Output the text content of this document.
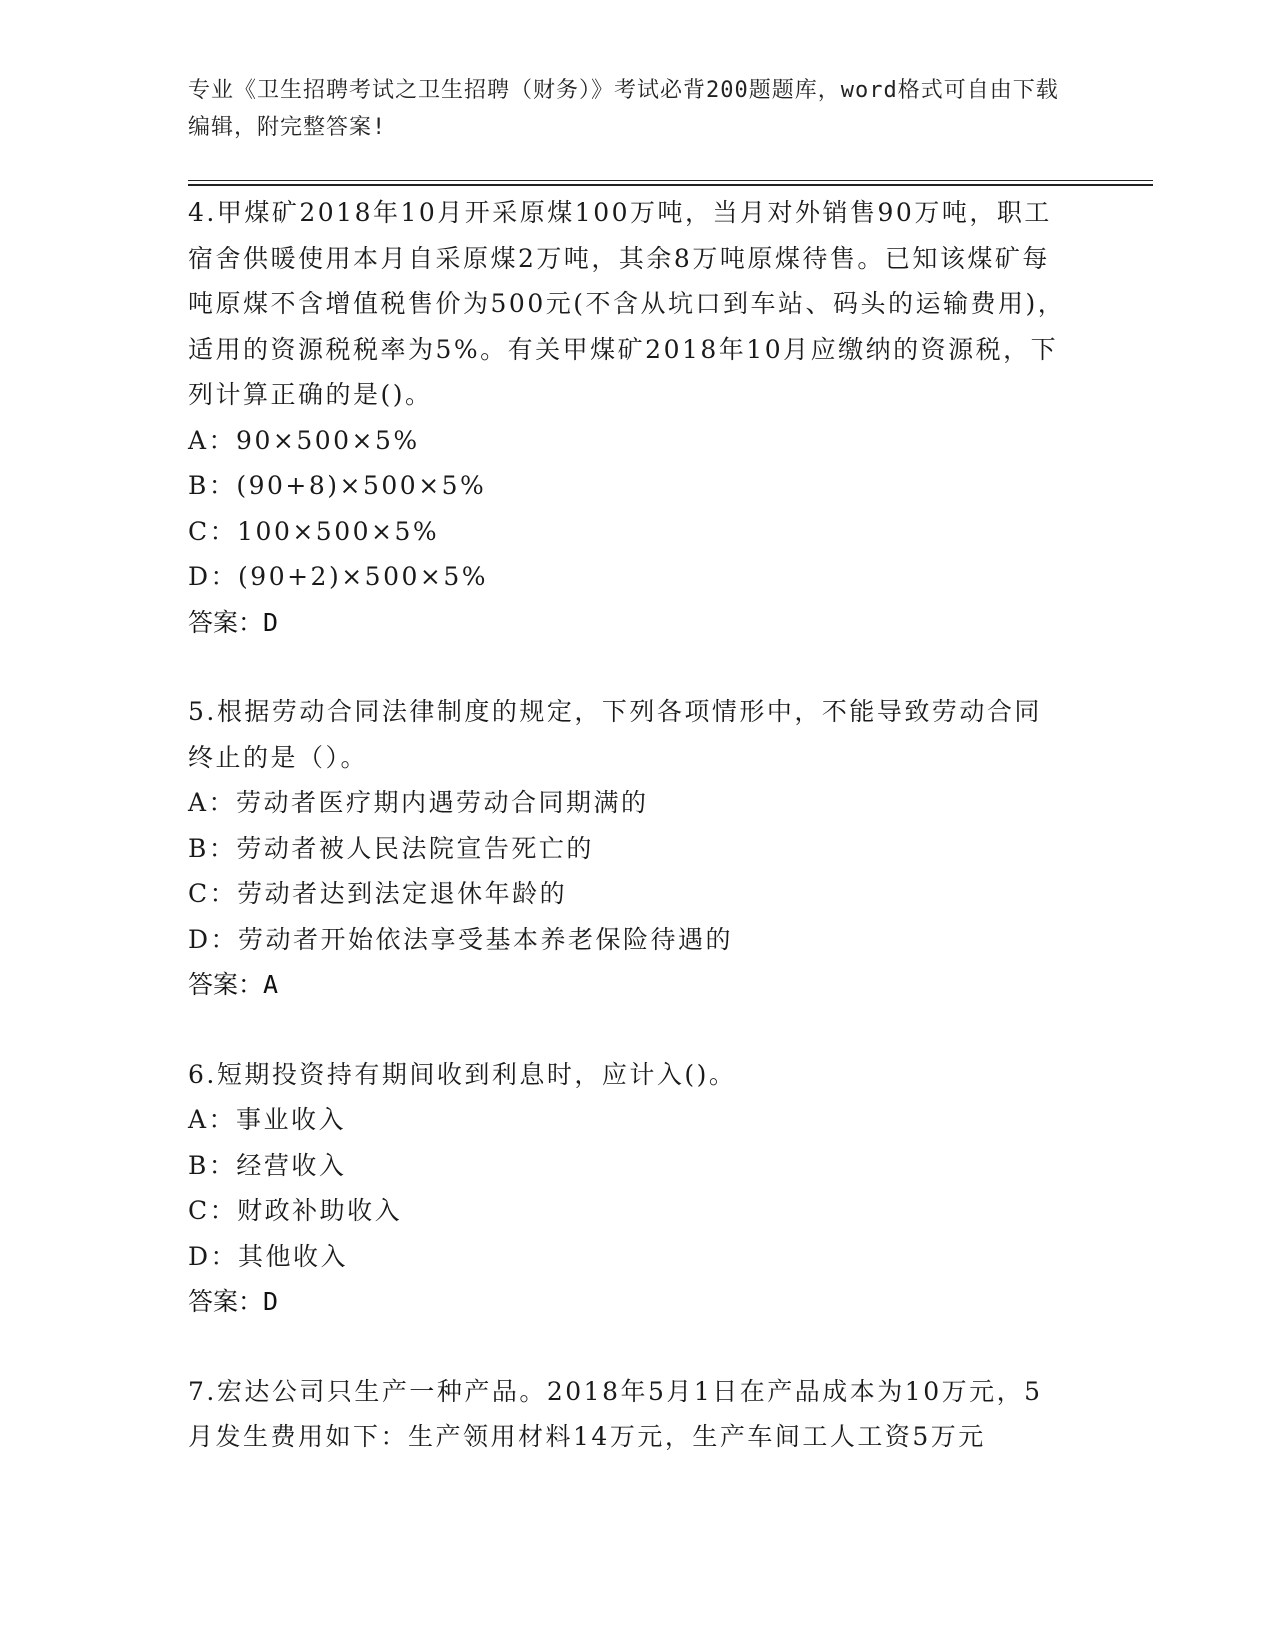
专业《卫生招聘考试之卫生招聘（财务）》考试必背200题题库，word格式可自由下载编辑，附完整答案!

4.甲煤矿2018年10月开采原煤100万吨，当月对外销售90万吨，职工宿舍供暖使用本月自采原煤2万吨，其余8万吨原煤待售。已知该煤矿每吨原煤不含增值税售价为500元(不含从坑口到车站、码头的运输费用)，适用的资源税税率为5%。有关甲煤矿2018年10月应缴纳的资源税，下列计算正确的是()。

A：90×500×5%

B：(90+8)×500×5%

C：100×500×5%

D：(90+2)×500×5%

答案：D

5.根据劳动合同法律制度的规定，下列各项情形中，不能导致劳动合同终止的是（）。

A：劳动者医疗期内遇劳动合同期满的

B：劳动者被人民法院宣告死亡的

C：劳动者达到法定退休年龄的

D：劳动者开始依法享受基本养老保险待遇的

答案：A

6.短期投资持有期间收到利息时，应计入()。

A：事业收入

B：经营收入

C：财政补助收入

D：其他收入

答案：D

7.宏达公司只生产一种产品。2018年5月1日在产品成本为10万元，5月发生费用如下：生产领用材料14万元，生产车间工人工资5万元
